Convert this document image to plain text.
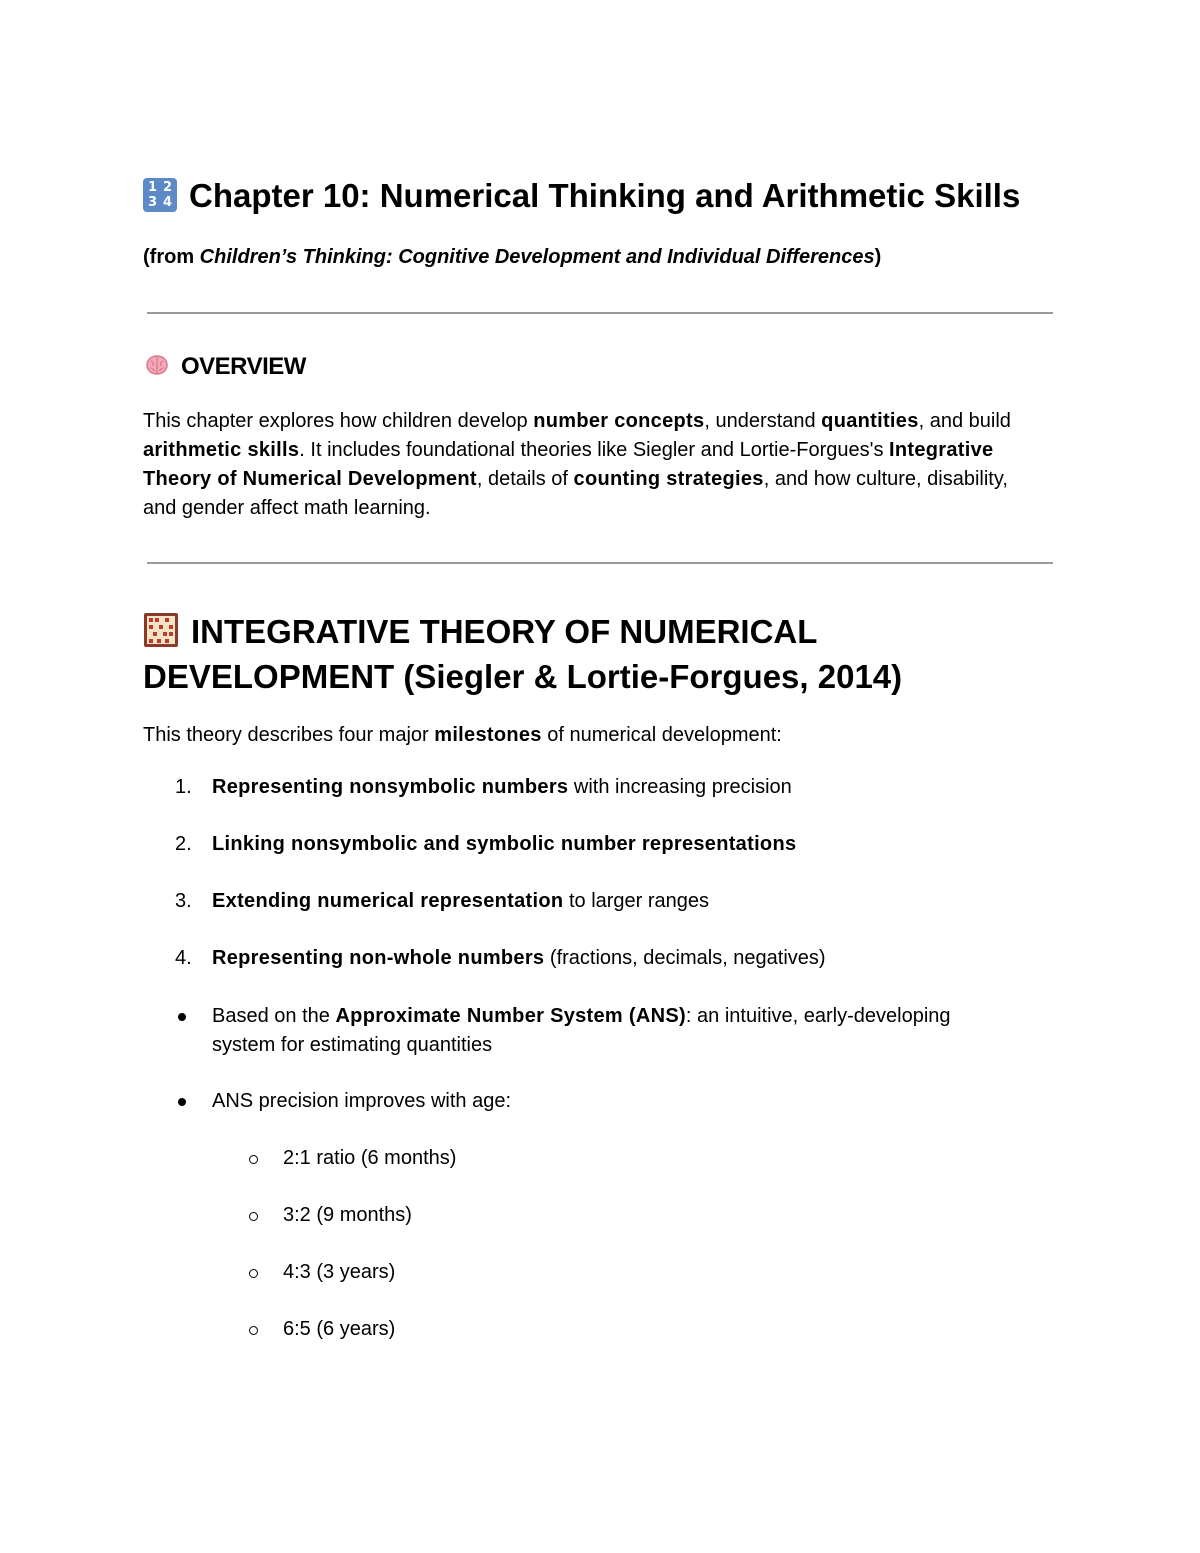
1 2
3 4 Chapter 10: Numerical Thinking and Arithmetic Skills
(from Children’s Thinking: Cognitive Development and Individual Differences)
OVERVIEW
This chapter explores how children develop number concepts, understand quantities, and build arithmetic skills. It includes foundational theories like Siegler and Lortie-Forgues's Integrative Theory of Numerical Development, details of counting strategies, and how culture, disability, and gender affect math learning.
INTEGRATIVE THEORY OF NUMERICAL
DEVELOPMENT (Siegler & Lortie-Forgues, 2014)
This theory describes four major milestones of numerical development:
1. Representing nonsymbolic numbers with increasing precision
2. Linking nonsymbolic and symbolic number representations
3. Extending numerical representation to larger ranges
4. Representing non-whole numbers (fractions, decimals, negatives)
Based on the Approximate Number System (ANS): an intuitive, early-developing
system for estimating quantities
ANS precision improves with age:
2:1 ratio (6 months)
3:2 (9 months)
4:3 (3 years)
6:5 (6 years)
